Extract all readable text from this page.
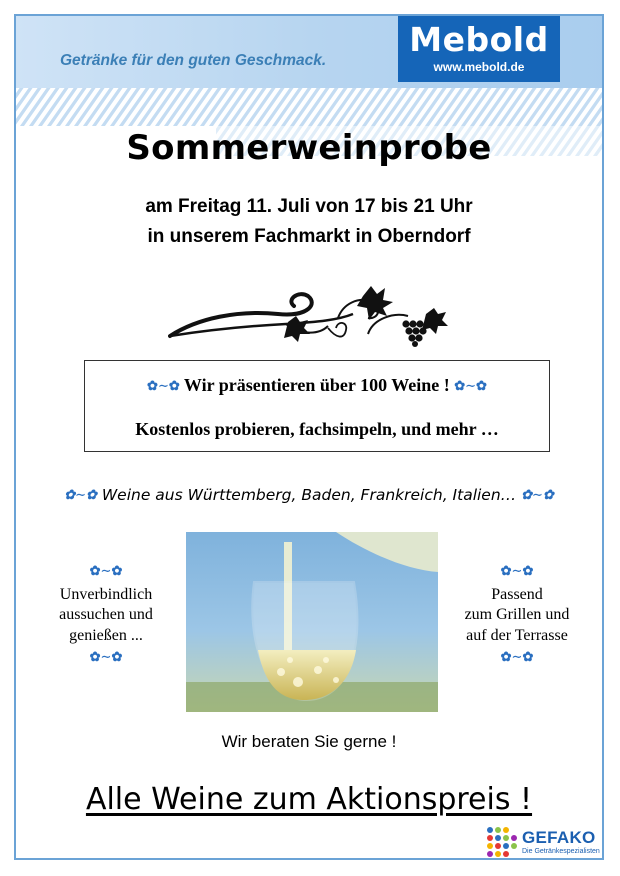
Getränke für den guten Geschmack.
Mebold
www.mebold.de
Sommerweinprobe
am Freitag 11. Juli von 17 bis 21 Uhr
in unserem Fachmarkt in Oberndorf
✿∼✿ Wir präsentieren über 100 Weine ! ✿∼✿
Kostenlos probieren, fachsimpeln, und mehr …
✿∼✿ Weine aus Württemberg, Baden, Frankreich, Italien… ✿∼✿
✿∼✿
Unverbindlich
aussuchen und
genießen ...
✿∼✿
✿∼✿
Passend
zum Grillen und
auf der Terrasse
✿∼✿
Wir beraten Sie gerne !
Alle Weine zum Aktionspreis !
GEFAKO
Die Getränkespezialisten
